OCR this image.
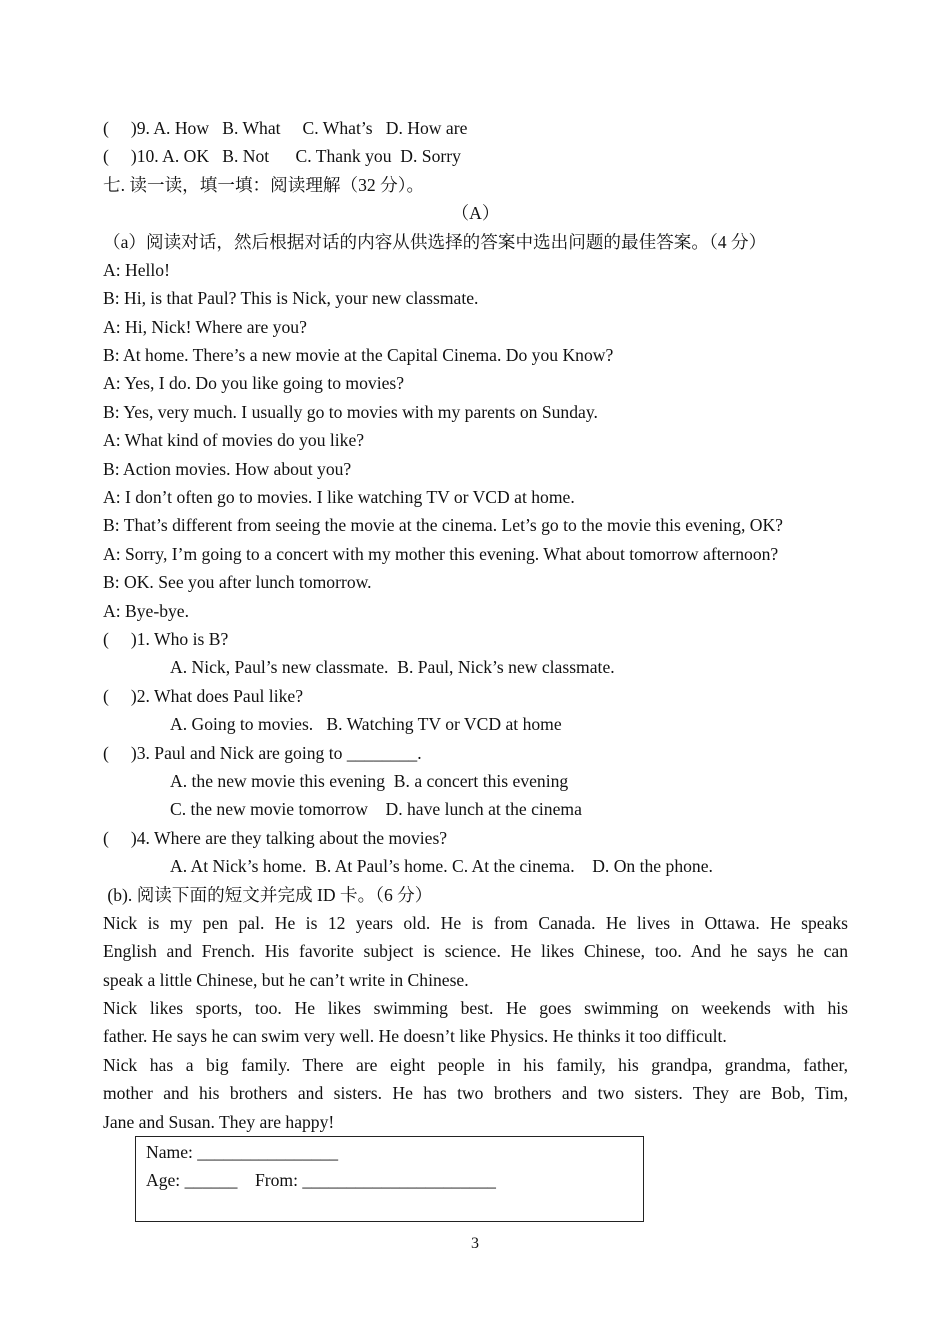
(     )9. A. How   B. What     C. What’s   D. How are
(     )10. A. OK   B. Not      C. Thank you  D. Sorry
七. 读一读，填一填：阅读理解（32 分）。
（A）
（a）阅读对话，然后根据对话的内容从供选择的答案中选出问题的最佳答案。（4 分）
A: Hello!
B: Hi, is that Paul? This is Nick, your new classmate.
A: Hi, Nick! Where are you?
B: At home. There’s a new movie at the Capital Cinema. Do you Know?
A: Yes, I do. Do you like going to movies?
B: Yes, very much. I usually go to movies with my parents on Sunday.
A: What kind of movies do you like?
B: Action movies. How about you?
A: I don’t often go to movies. I like watching TV or VCD at home.
B: That’s different from seeing the movie at the cinema. Let’s go to the movie this evening, OK?
A: Sorry, I’m going to a concert with my mother this evening. What about tomorrow afternoon?
B: OK. See you after lunch tomorrow.
A: Bye-bye.
(     )1. Who is B?
A. Nick, Paul’s new classmate.  B. Paul, Nick’s new classmate.
(     )2. What does Paul like?
A. Going to movies.   B. Watching TV or VCD at home
(     )3. Paul and Nick are going to ________.
A. the new movie this evening  B. a concert this evening
C. the new movie tomorrow    D. have lunch at the cinema
(     )4. Where are they talking about the movies?
A. At Nick’s home.  B. At Paul’s home. C. At the cinema.    D. On the phone.
(b). 阅读下面的短文并完成 ID 卡。（6 分）
Nick is my pen pal. He is 12 years old. He is from Canada. He lives in Ottawa. He speaks
English and French. His favorite subject is science. He likes Chinese, too. And he says he can
speak a little Chinese, but he can’t write in Chinese.
Nick likes sports, too. He likes swimming best. He goes swimming on weekends with his
father. He says he can swim very well. He doesn’t like Physics. He thinks it too difficult.
Nick has a big family. There are eight people in his family, his grandpa, grandma, father,
mother and his brothers and sisters. He has two brothers and two sisters. They are Bob, Tim,
Jane and Susan. They are happy!
Name: ________________
Age: ______    From: ______________________
3
